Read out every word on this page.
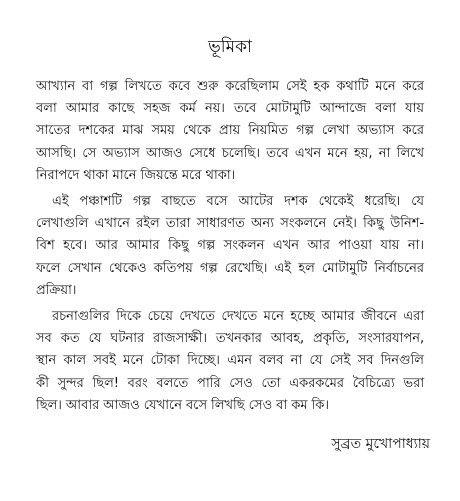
ভূমিকা
আখ্যান বা গল্প লিখতে কবে শুরু করেছিলাম সেই হক কথাটি মনে করে
বলা আমার কাছে সহজ কর্ম নয়। তবে মোটামুটি আন্দাজে বলা যায়
সাতের দশকের মাঝ সময় থেকে প্রায় নিয়মিত গল্প লেখা অভ্যাস করে
আসছি। সে অভ্যাস আজও সেধে চলেছি। তবে এখন মনে হয়, না লিখে
নিরাপদে থাকা মানে জিয়ন্তে মরে থাকা।
এই পঞ্চাশটি গল্প বাছতে বসে আটের দশক থেকেই ধরেছি। যে
লেখাগুলি এখানে রইল তারা সাধারণত অন্য সংকলনে নেই। কিছু উনিশ-
বিশ হবে। আর আমার কিছু গল্প সংকলন এখন আর পাওয়া যায় না।
ফলে সেখান থেকেও কতিপয় গল্প রেখেছি। এই হল মোটামুটি নির্বাচনের
প্রক্রিয়া।
রচনাগুলির দিকে চেয়ে দেখতে দেখতে মনে হচ্ছে আমার জীবনে এরা
সব কত যে ঘটনার রাজসাক্ষী। তখনকার আবহ, প্রকৃতি, সংসারযাপন,
স্থান কাল সবই মনে টোকা দিচ্ছে। এমন বলব না যে সেই সব দিনগুলি
কী সুন্দর ছিল! বরং বলতে পারি সেও তো একরকমের বৈচিত্র্যে ভরা
ছিল। আবার আজও যেখানে বসে লিখছি সেও বা কম কি।
সুব্রত মুখোপাধ্যায়
